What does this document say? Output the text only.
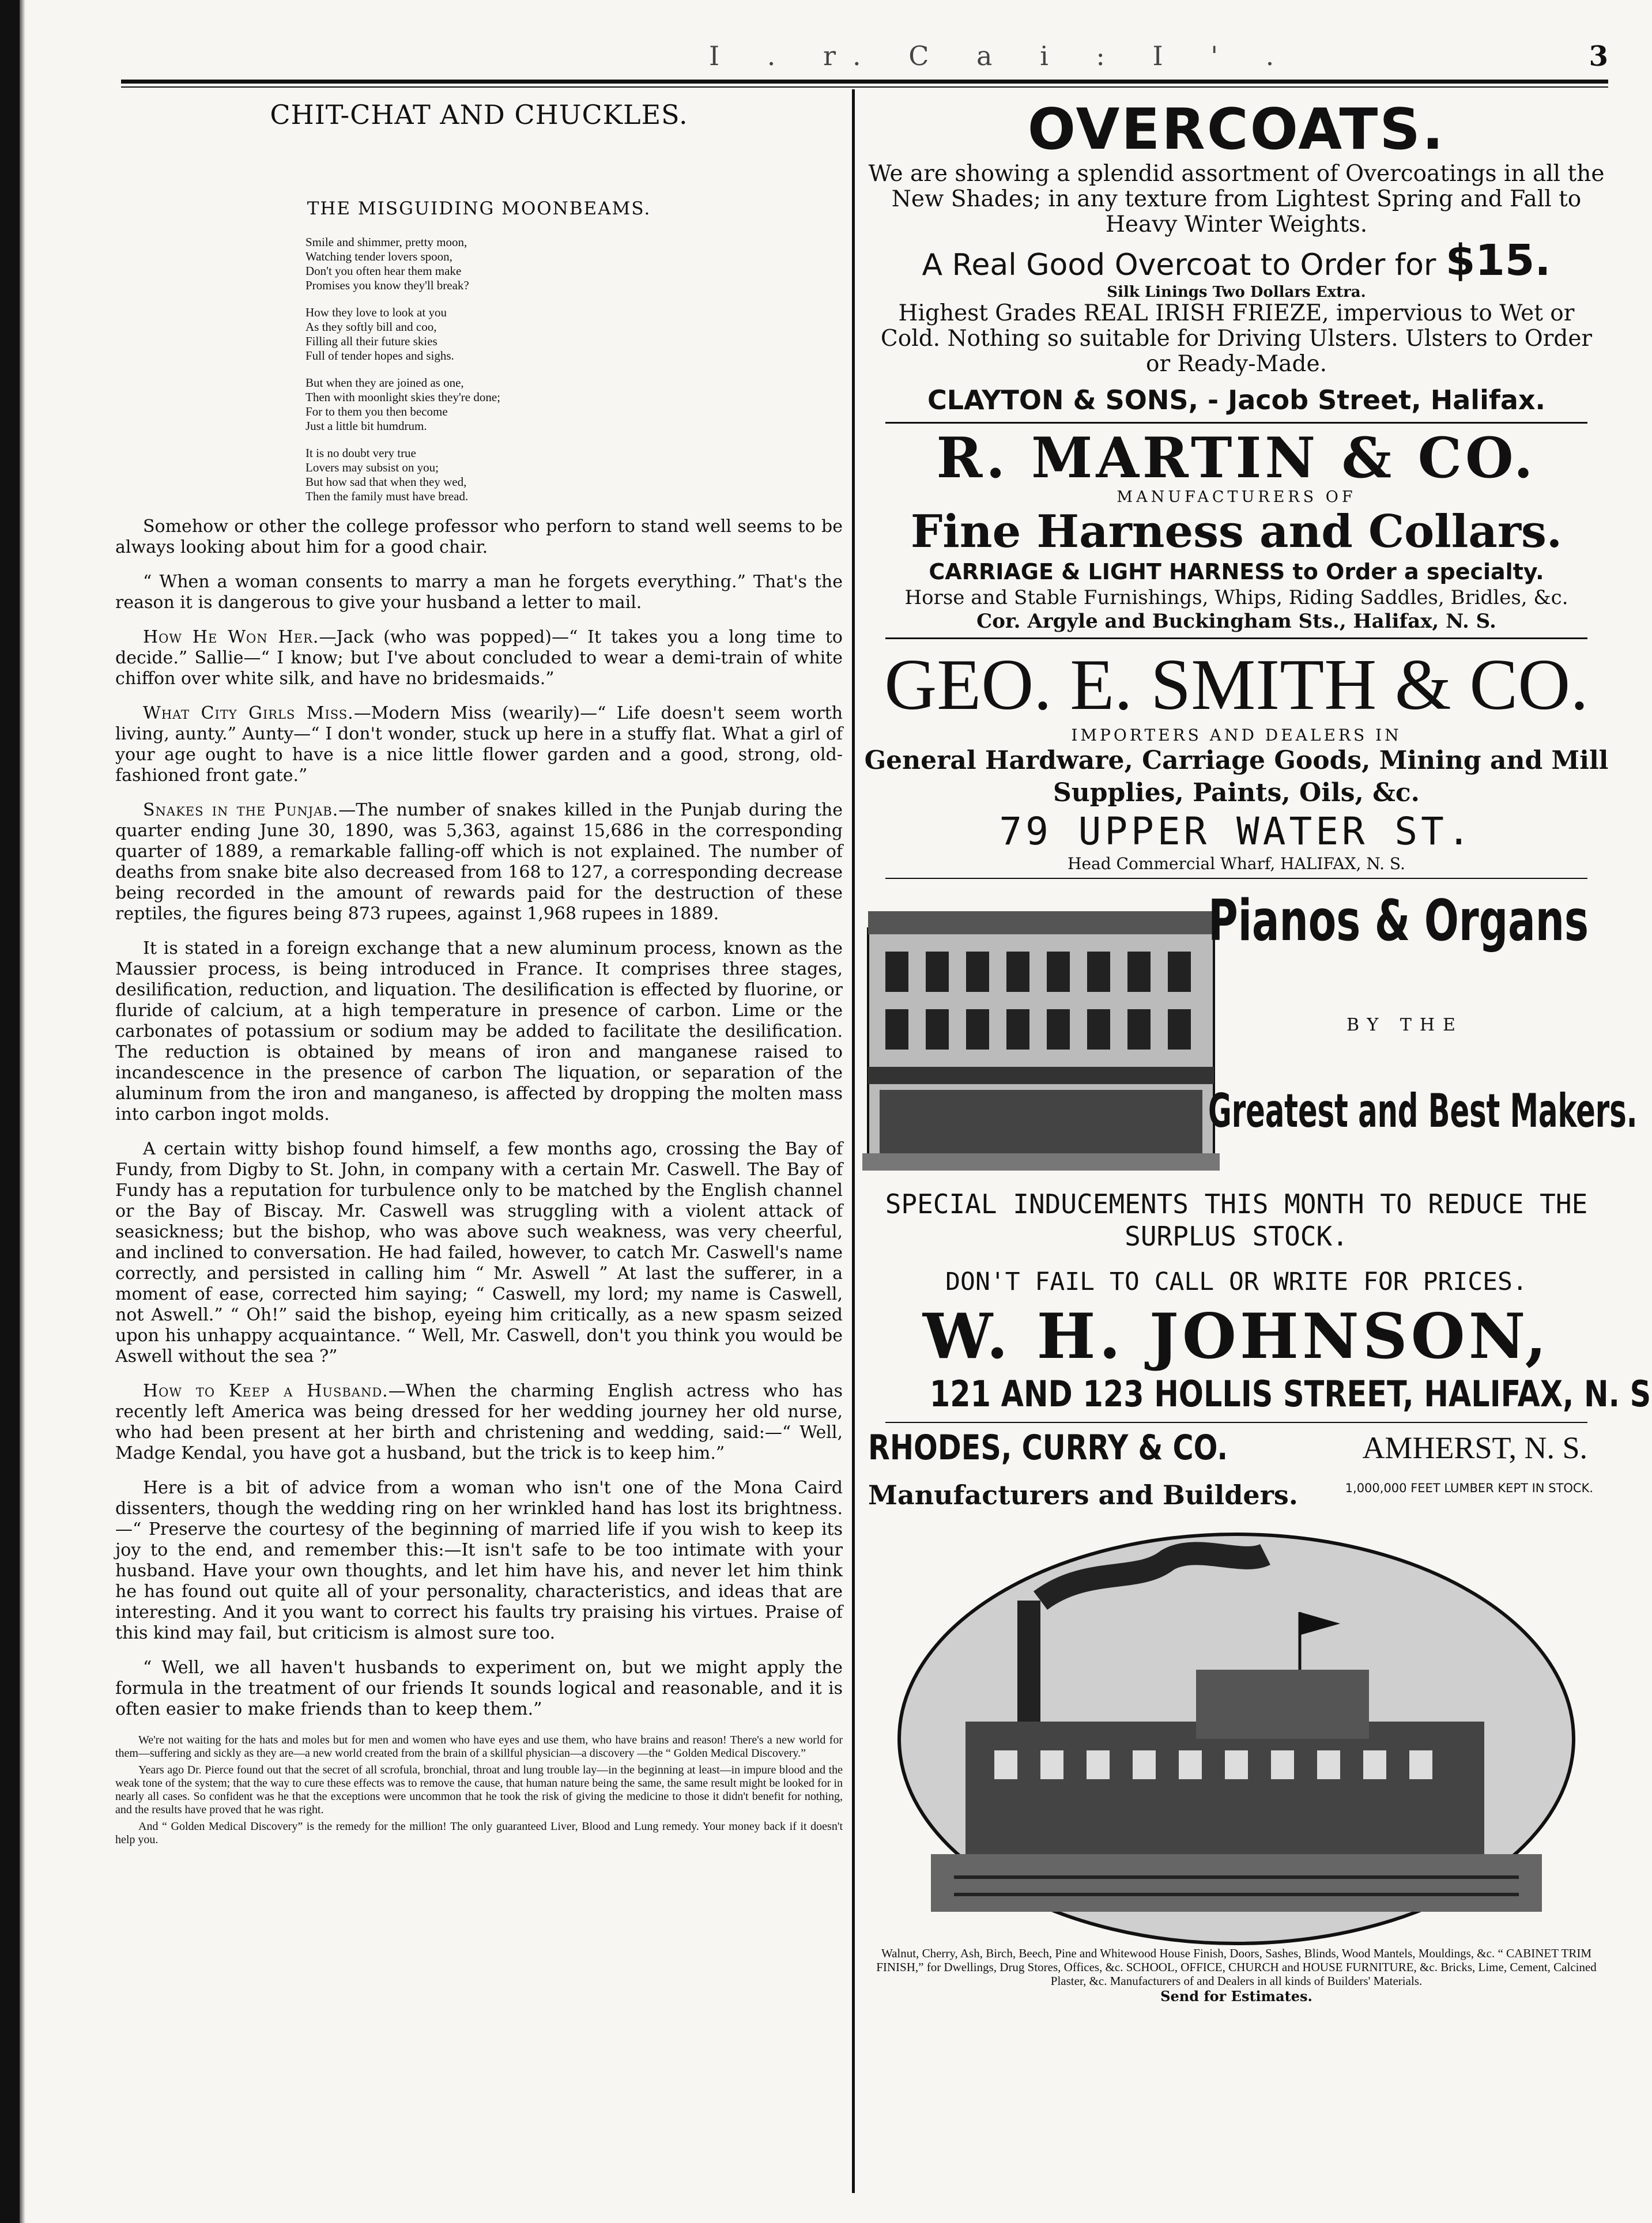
I . r. C a i : I ' .	3
CHIT-CHAT AND CHUCKLES.
THE MISGUIDING MOONBEAMS.
Smile and shimmer, pretty moon,
Watching tender lovers spoon,
Don't you often hear them make
Promises you know they'll break?
How they love to look at you
As they softly bill and coo,
Filling all their future skies
Full of tender hopes and sighs.
But when they are joined as one,
Then with moonlight skies they're done;
For to them you then become
Just a little bit humdrum.
It is no doubt very true
Lovers may subsist on you;
But how sad that when they wed,
Then the family must have bread.

Somehow or other the college professor who perforn to stand well seems to be always looking about him for a good chair.

“ When a woman consents to marry a man he forgets everything.” That's the reason it is dangerous to give your husband a letter to mail.

How He Won Her.—Jack (who was popped)—“ It takes you a long time to decide.” Sallie—“ I know; but I've about concluded to wear a demi-train of white chiffon over white silk, and have no bridesmaids.”

What City Girls Miss.—Modern Miss (wearily)—“ Life doesn't seem worth living, aunty.” Aunty—“ I don't wonder, stuck up here in a stuffy flat. What a girl of your age ought to have is a nice little flower garden and a good, strong, old-fashioned front gate.”

Snakes in the Punjab.—The number of snakes killed in the Punjab during the quarter ending June 30, 1890, was 5,363, against 15,686 in the corresponding quarter of 1889, a remarkable falling-off which is not explained. The number of deaths from snake bite also decreased from 168 to 127, a corresponding decrease being recorded in the amount of rewards paid for the destruction of these reptiles, the figures being 873 rupees, against 1,968 rupees in 1889.

It is stated in a foreign exchange that a new aluminum process, known as the Maussier process, is being introduced in France. It comprises three stages, desilification, reduction, and liquation. The desilification is effected by fluorine, or fluride of calcium, at a high temperature in presence of carbon. Lime or the carbonates of potassium or sodium may be added to facilitate the desilification. The reduction is obtained by means of iron and manganese raised to incandescence in the presence of carbon The liquation, or separation of the aluminum from the iron and manganeso, is affected by dropping the molten mass into carbon ingot molds.

A certain witty bishop found himself, a few months ago, crossing the Bay of Fundy, from Digby to St. John, in company with a certain Mr. Caswell. The Bay of Fundy has a reputation for turbulence only to be matched by the English channel or the Bay of Biscay. Mr. Caswell was struggling with a violent attack of seasickness; but the bishop, who was above such weakness, was very cheerful, and inclined to conversation. He had failed, however, to catch Mr. Caswell's name correctly, and persisted in calling him “ Mr. Aswell ” At last the sufferer, in a moment of ease, corrected him saying; “ Caswell, my lord; my name is Caswell, not Aswell.” “ Oh!” said the bishop, eyeing him critically, as a new spasm seized upon his unhappy acquaintance. “ Well, Mr. Caswell, don't you think you would be Aswell without the sea ?”

How to Keep a Husband.—When the charming English actress who has recently left America was being dressed for her wedding journey her old nurse, who had been present at her birth and christening and wedding, said:—“ Well, Madge Kendal, you have got a husband, but the trick is to keep him.”

Here is a bit of advice from a woman who isn't one of the Mona Caird dissenters, though the wedding ring on her wrinkled hand has lost its brightness.—“ Preserve the courtesy of the beginning of married life if you wish to keep its joy to the end, and remember this:—It isn't safe to be too intimate with your husband. Have your own thoughts, and let him have his, and never let him think he has found out quite all of your personality, characteristics, and ideas that are interesting. And it you want to correct his faults try praising his virtues. Praise of this kind may fail, but criticism is almost sure too.

“ Well, we all haven't husbands to experiment on, but we might apply the formula in the treatment of our friends It sounds logical and reasonable, and it is often easier to make friends than to keep them.”

We're not waiting for the hats and moles but for men and women who have eyes and use them, who have brains and reason! There's a new world for them—suffering and sickly as they are—a new world created from the brain of a skillful physician—a discovery —the “ Golden Medical Discovery.”

Years ago Dr. Pierce found out that the secret of all scrofula, bronchial, throat and lung trouble lay—in the beginning at least—in impure blood and the weak tone of the system; that the way to cure these effects was to remove the cause, that human nature being the same, the same result might be looked for in nearly all cases. So confident was he that the exceptions were uncommon that he took the risk of giving the medicine to those it didn't benefit for nothing, and the results have proved that he was right.

And “ Golden Medical Discovery” is the remedy for the million! The only guaranteed Liver, Blood and Lung remedy. Your money back if it doesn't help you.

OVERCOATS.
We are showing a splendid assortment of Overcoatings in all the New Shades; in any texture from Lightest Spring and Fall to Heavy Winter Weights.
A Real Good Overcoat to Order for $15.
Silk Linings Two Dollars Extra.
Highest Grades REAL IRISH FRIEZE, impervious to Wet or Cold. Nothing so suitable for Driving Ulsters. Ulsters to Order or Ready-Made.
CLAYTON & SONS, - Jacob Street, Halifax.
R. MARTIN & CO.
MANUFACTURERS OF
Fine Harness and Collars.
CARRIAGE & LIGHT HARNESS to Order a specialty.
Horse and Stable Furnishings, Whips, Riding Saddles, Bridles, &c.
Cor. Argyle and Buckingham Sts., Halifax, N. S.
GEO. E. SMITH & CO.
IMPORTERS AND DEALERS IN
General Hardware, Carriage Goods, Mining and Mill Supplies, Paints, Oils, &c.
79 UPPER WATER ST.
Head Commercial Wharf, HALIFAX, N. S.
Pianos & Organs
BY THE
Greatest and Best Makers.
SPECIAL INDUCEMENTS THIS MONTH TO REDUCE THE SURPLUS STOCK.
DON'T FAIL TO CALL OR WRITE FOR PRICES.
W. H. JOHNSON,
121 AND 123 HOLLIS STREET, HALIFAX, N. S
RHODES, CURRY & CO.	AMHERST, N. S.
Manufacturers and Builders.	1,000,000 FEET LUMBER KEPT IN STOCK.
Walnut, Cherry, Ash, Birch, Beech, Pine and Whitewood House Finish, Doors, Sashes, Blinds, Wood Mantels, Mouldings, &c. “ CABINET TRIM FINISH,” for Dwellings, Drug Stores, Offices, &c. SCHOOL, OFFICE, CHURCH and HOUSE FURNITURE, &c. Bricks, Lime, Cement, Calcined Plaster, &c. Manufacturers of and Dealers in all kinds of Builders' Materials.
Send for Estimates.
